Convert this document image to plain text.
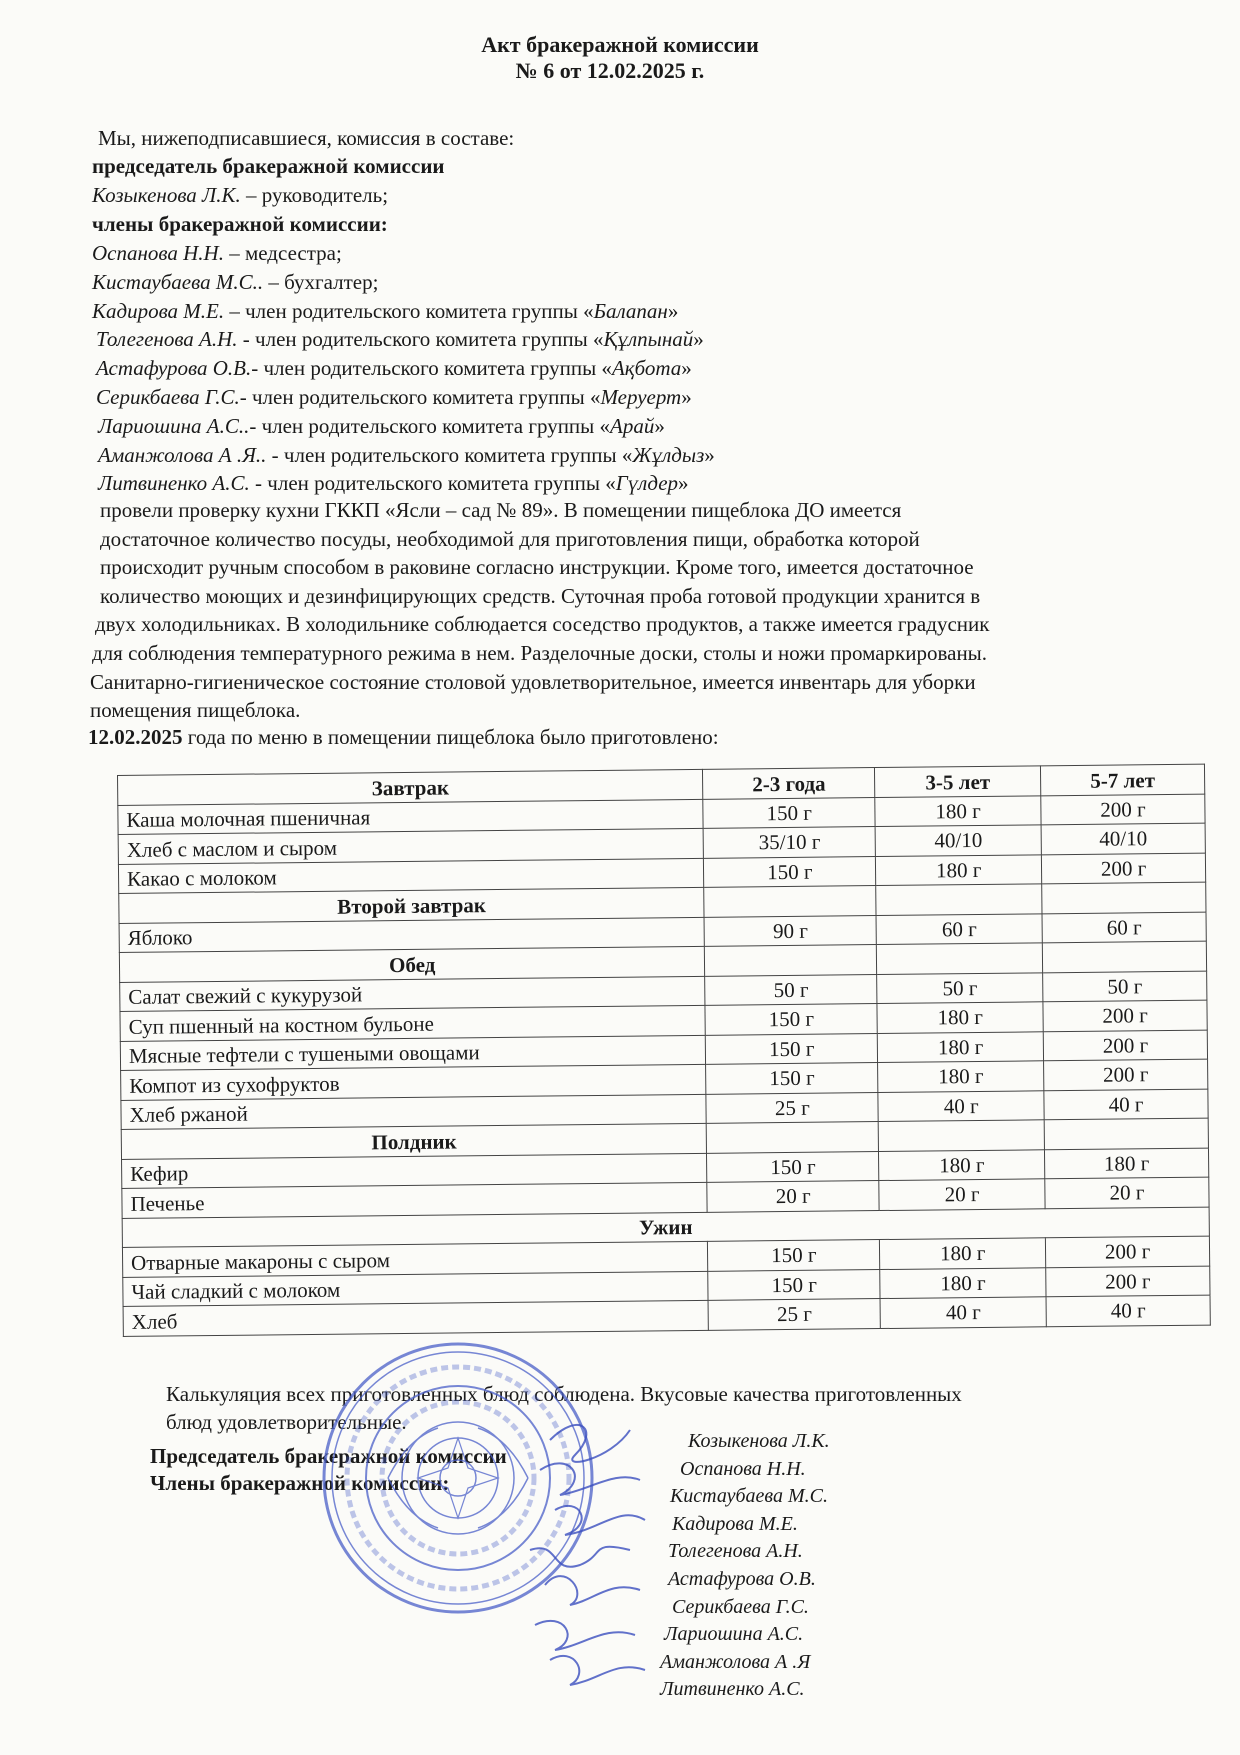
Акт бракеражной комиссии
№ 6 от 12.02.2025 г.
Мы, нижеподписавшиеся, комиссия в составе:
председатель бракеражной комиссии
Козыкенова Л.К. – руководитель;
члены бракеражной комиссии:
Оспанова Н.Н. – медсестра;
Кистаубаева М.С.. – бухгалтер;
Кадирова М.Е. – член родительского комитета группы «Балапан»
Толегенова А.Н. - член родительского комитета группы «Құлпынай»
Астафурова О.В.- член родительского комитета группы «Ақбота»
Серикбаева Г.С.- член родительского комитета группы «Меруерт»
Лариошина А.С..- член родительского комитета группы «Арай»
Аманжолова А .Я.. - член родительского комитета группы «Жұлдыз»
Литвиненко А.С. - член родительского комитета группы «Гүлдер»
провели проверку кухни ГККП «Ясли – сад № 89». В помещении пищеблока ДО имеется
достаточное количество посуды, необходимой для приготовления пищи, обработка которой
происходит ручным способом в раковине согласно инструкции. Кроме того, имеется достаточное
количество моющих и дезинфицирующих средств. Суточная проба готовой продукции хранится в
двух холодильниках. В холодильнике соблюдается соседство продуктов, а также имеется градусник
для соблюдения температурного режима в нем. Разделочные доски, столы и ножи промаркированы.
Санитарно-гигиеническое состояние столовой удовлетворительное, имеется инвентарь для уборки
помещения пищеблока.
12.02.2025 года по меню в помещении пищеблока было приготовлено:
Завтрак	2-3 года	3-5 лет	5-7 лет
Каша молочная пшеничная	150 г	180 г	200 г
Хлеб с маслом и сыром	35/10 г	40/10	40/10
Какао с молоком	150 г	180 г	200 г
Второй завтрак			
Яблоко	90 г	60 г	60 г
Обед			
Салат свежий с кукурузой	50 г	50 г	50 г
Суп пшенный на костном бульоне	150 г	180 г	200 г
Мясные тефтели с тушеными овощами	150 г	180 г	200 г
Компот из сухофруктов	150 г	180 г	200 г
Хлеб ржаной	25 г	40 г	40 г
Полдник			
Кефир	150 г	180 г	180 г
Печенье	20 г	20 г	20 г
Ужин			
Отварные макароны с сыром	150 г	180 г	200 г
Чай сладкий с молоком	150 г	180 г	200 г
Хлеб	25 г	40 г	40 г
Калькуляция всех приготовленных блюд соблюдена. Вкусовые качества приготовленных
блюд удовлетворительные.
Председатель бракеражной комиссии
Члены бракеражной комиссии:
Козыкенова Л.К.
Оспанова Н.Н.
Кистаубаева М.С.
Кадирова М.Е.
Толегенова А.Н.
Астафурова О.В.
Серикбаева Г.С.
Лариошина А.С.
Аманжолова А .Я
Литвиненко А.С.
